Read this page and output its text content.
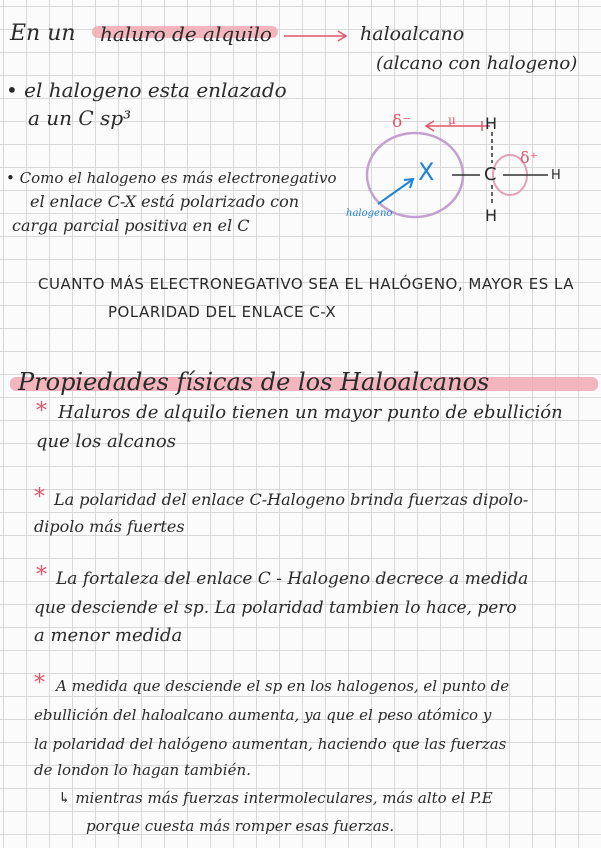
En un haluro de alquilo	haloalcano
(alcano con halogeno)
• el halogeno esta enlazado
a un C sp³
• Como el halogeno es más electronegativo
el enlace C-X está polarizado con
carga parcial positiva en el C
δ⁻	μ
δ⁺
X	C
H
H
H
halogeno
CUANTO MÁS ELECTRONEGATIVO SEA EL HALÓGENO, MAYOR ES LA
POLARIDAD DEL ENLACE C-X
Propiedades físicas de los Haloalcanos
* Haluros de alquilo tienen un mayor punto de ebullición
que los alcanos
* La polaridad del enlace C-Halogeno brinda fuerzas dipolo-
dipolo más fuertes
* La fortaleza del enlace C - Halogeno decrece a medida
que desciende el sp. La polaridad tambien lo hace, pero
a menor medida
* A medida que desciende el sp en los halogenos, el punto de
ebullición del haloalcano aumenta, ya que el peso atómico y
la polaridad del halógeno aumentan, haciendo que las fuerzas
de london lo hagan también.
↳ mientras más fuerzas intermoleculares, más alto el P.E
porque cuesta más romper esas fuerzas.
